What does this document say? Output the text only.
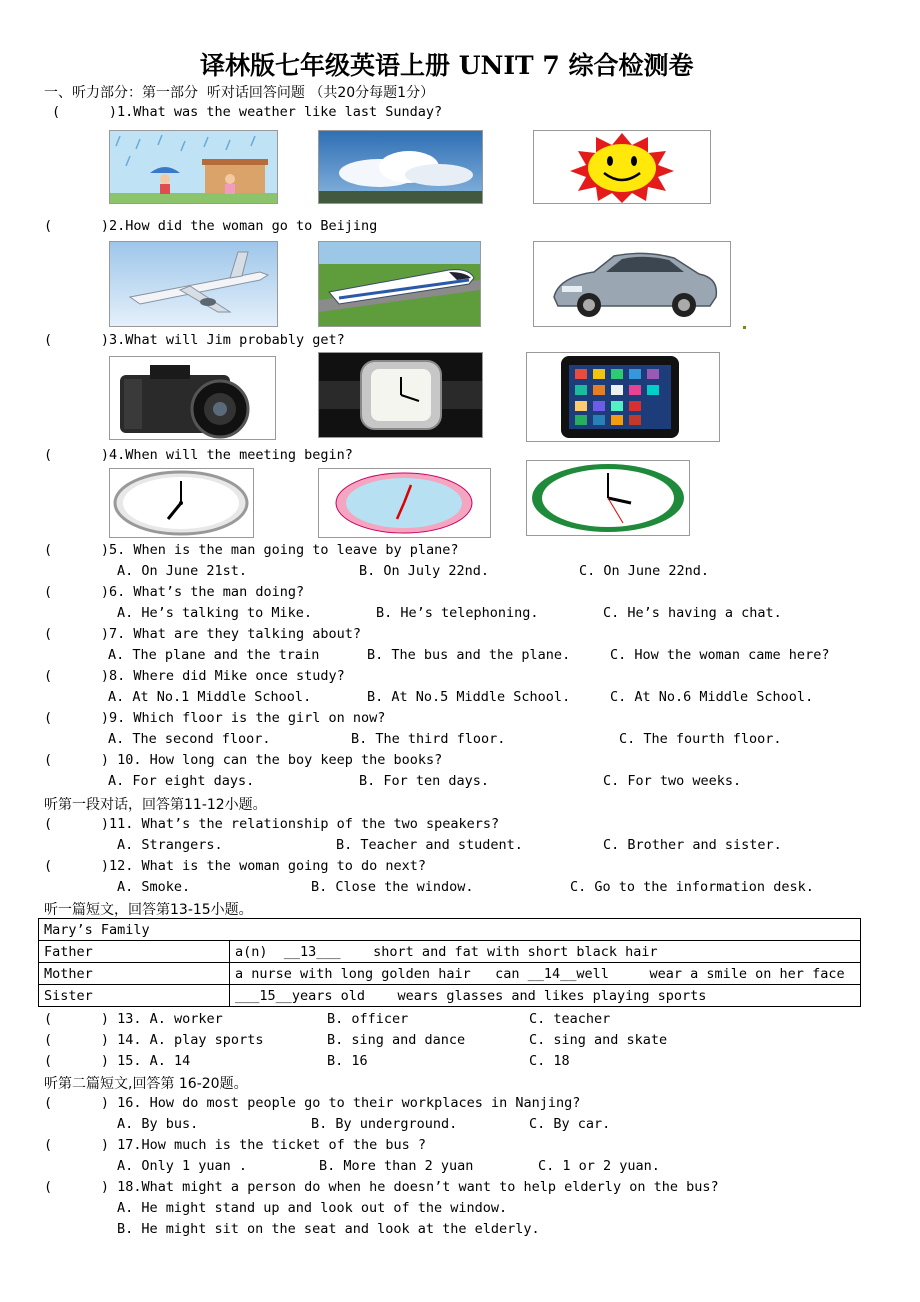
译林版七年级英语上册 UNIT 7 综合检测卷
一、听力部分：第一部分  听对话回答问题 （共20分每题1分）
(      )1.What was the weather like last Sunday?
(      )2.How did the woman go to Beijing
(      )3.What will Jim probably get?
(      )4.When will the meeting begin?
(      )5. When is the man going to leave by plane?
A. On June 21st.	B. On July 22nd.	C. On June 22nd.
(      )6. What’s the man doing?
A. He’s talking to Mike.	B. He’s telephoning.	C. He’s having a chat.
(      )7. What are they talking about?
A. The plane and the train	B. The bus and the plane.	C. How the woman came here?
(      )8. Where did Mike once study?
A. At No.1 Middle School.	B. At No.5 Middle School.	C. At No.6 Middle School.
(      )9. Which floor is the girl on now?
A. The second floor.	B. The third floor.	C. The fourth floor.
(      ) 10. How long can the boy keep the books?
A. For eight days.	B. For ten days.	C. For two weeks.
听第一段对话，回答第11-12小题。
(      )11. What’s the relationship of the two speakers?
A. Strangers.	B. Teacher and student.	C. Brother and sister.
(      )12. What is the woman going to do next?
A. Smoke.	B. Close the window.	C. Go to the information desk.
听一篇短文，回答第13-15小题。
Mary’s Family	
Father	a(n)  __13___    short and fat with short black hair
Mother	a nurse with long golden hair   can __14__well     wear a smile on her face
Sister	___15__years old    wears glasses and likes playing sports
(      ) 13. A. worker	B. officer	C. teacher
(      ) 14. A. play sports	B. sing and dance	C. sing and skate
(      ) 15. A. 14	B. 16	C. 18
听第二篇短文,回答第 16-20题。
(      ) 16. How do most people go to their workplaces in Nanjing?
A. By bus.	B. By underground.	C. By car.
(      ) 17.How much is the ticket of the bus ?
A. Only 1 yuan .	B. More than 2 yuan	C. 1 or 2 yuan.
(      ) 18.What might a person do when he doesn’t want to help elderly on the bus?
A. He might stand up and look out of the window.
B. He might sit on the seat and look at the elderly.
